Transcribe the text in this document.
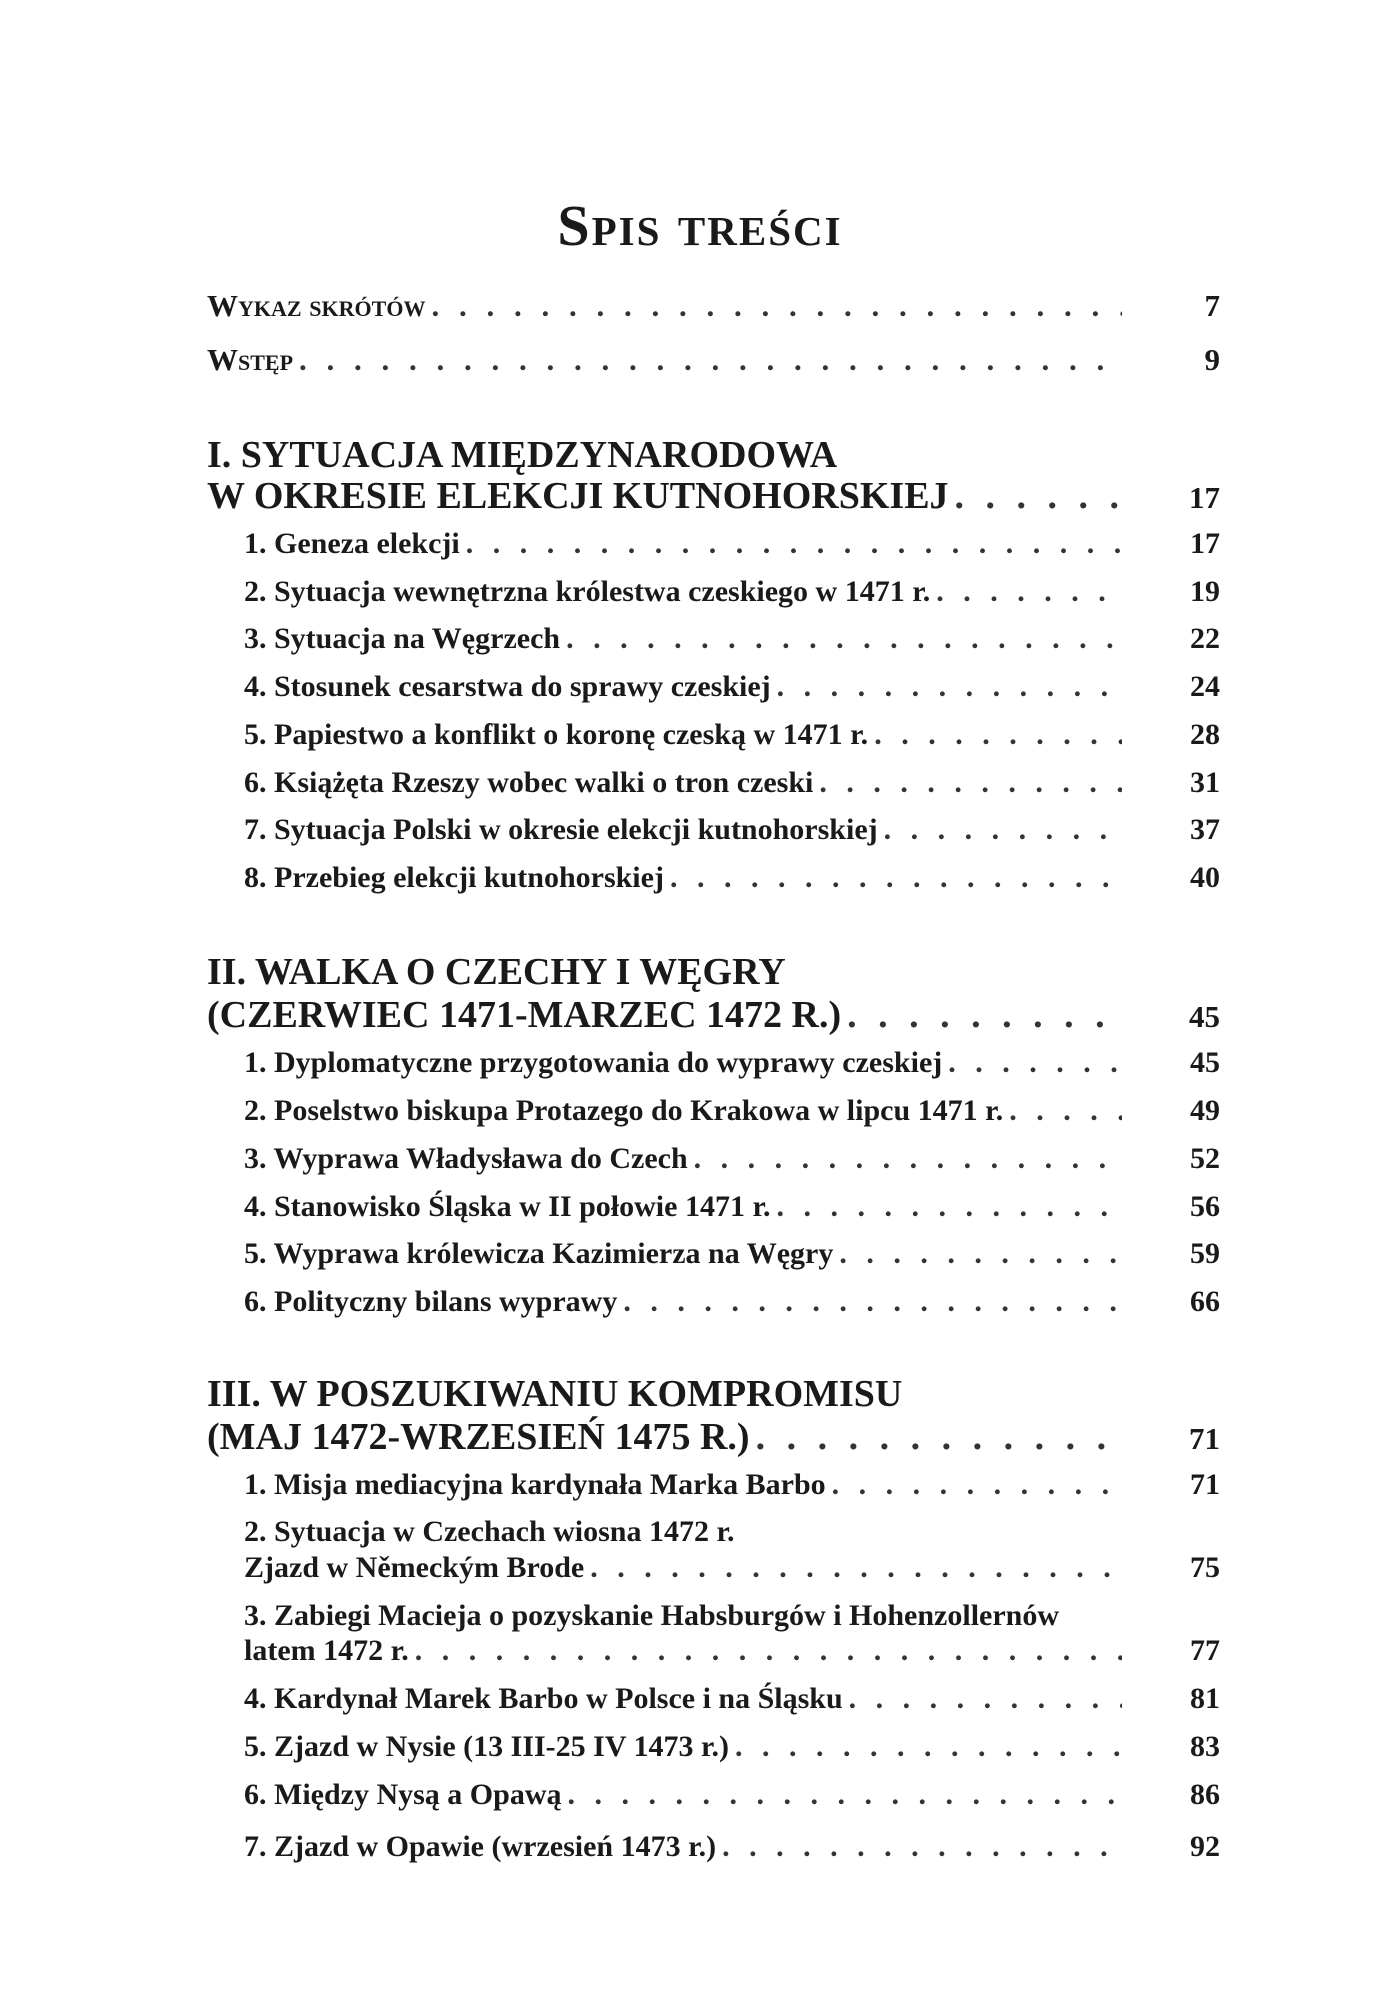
Spis treści
Wykaz skrótów . . .	7
Wstęp . . .	9
I. SYTUACJA MIĘDZYNARODOWA
W OKRESIE ELEKCJI KUTNOHORSKIEJ . . .	17
1. Geneza elekcji . . .	17
2. Sytuacja wewnętrzna królestwa czeskiego w 1471 r. . . .	19
3. Sytuacja na Węgrzech . . .	22
4. Stosunek cesarstwa do sprawy czeskiej . . .	24
5. Papiestwo a konflikt o koronę czeską w 1471 r. . . .	28
6. Książęta Rzeszy wobec walki o tron czeski . . .	31
7. Sytuacja Polski w okresie elekcji kutnohorskiej . . .	37
8. Przebieg elekcji kutnohorskiej . . .	40
II. WALKA O CZECHY I WĘGRY
(CZERWIEC 1471-MARZEC 1472 R.) . . .	45
1. Dyplomatyczne przygotowania do wyprawy czeskiej . . .	45
2. Poselstwo biskupa Protazego do Krakowa w lipcu 1471 r. . . .	49
3. Wyprawa Władysława do Czech . . .	52
4. Stanowisko Śląska w II połowie 1471 r. . . .	56
5. Wyprawa królewicza Kazimierza na Węgry . . .	59
6. Polityczny bilans wyprawy . . .	66
III. W POSZUKIWANIU KOMPROMISU
(MAJ 1472-WRZESIEŃ 1475 R.) . . .	71
1. Misja mediacyjna kardynała Marka Barbo . . .	71
2. Sytuacja w Czechach wiosna 1472 r.
Zjazd w Německým Brode . . .	75
3. Zabiegi Macieja o pozyskanie Habsburgów i Hohenzollernów
latem 1472 r. . . .	77
4. Kardynał Marek Barbo w Polsce i na Śląsku . . .	81
5. Zjazd w Nysie (13 III-25 IV 1473 r.) . . .	83
6. Między Nysą a Opawą . . .	86
7. Zjazd w Opawie (wrzesień 1473 r.) . . .	92
